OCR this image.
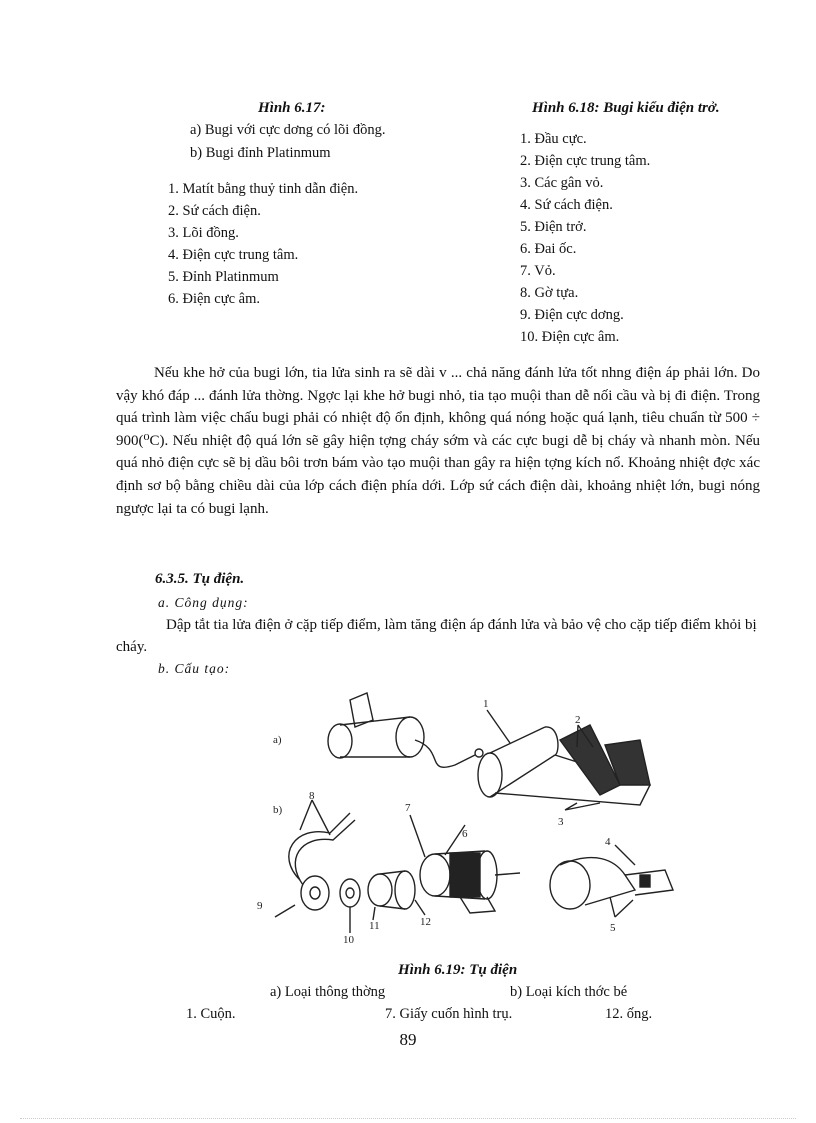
Hình 6.17:
a) Bugi với cực dơng có lõi đồng.
b) Bugi đỉnh Platinmum
1. Matít bằng thuỷ tinh dẫn điện.
2. Sứ cách điện.
3. Lõi đồng.
4. Điện cực trung tâm.
5. Đỉnh Platinmum
6. Điện cực âm.
Hình 6.18: Bugi kiểu điện trở.
1. Đầu cực.
2. Điện cực trung tâm.
3. Các gân vỏ.
4. Sứ cách điện.
5. Điện trở.
6. Đai ốc.
7. Vỏ.
8. Gờ tựa.
9. Điện cực dơng.
10. Điện cực âm.

Nếu khe hở của bugi lớn, tia lửa sinh ra sẽ dài v ... chả năng đánh lửa tốt nhng điện áp phải lớn. Do vậy khó đáp ... đánh lửa thờng. Ngợc lại khe hở bugi nhỏ, tia tạo muội than dễ nối cầu và bị đi điện. Trong quá trình làm việc chấu bugi phải có nhiệt độ ổn định, không quá nóng hoặc quá lạnh, tiêu chuẩn từ 500 ÷ 900(⁰C). Nếu nhiệt độ quá lớn sẽ gây hiện tợng cháy sớm và các cực bugi dễ bị cháy và nhanh mòn. Nếu quá nhỏ điện cực sẽ bị dầu bôi trơn bám vào tạo muội than gây ra hiện tợng kích nổ. Khoảng nhiệt đợc xác định sơ bộ bằng chiều dài của lớp cách điện phía dới. Lớp sứ cách điện dài, khoảng nhiệt lớn, bugi nóng ngược lại ta có bugi lạnh.

6.3.5. Tụ điện.
a. Công dụng:
Dập tắt tia lửa điện ở cặp tiếp điểm, làm tăng điện áp đánh lửa và bảo vệ cho cặp tiếp điểm khỏi bị cháy.
b. Cấu tạo:
a)
b)
1
2
3
4
5
6
7
8
9
10
11	12
Hình 6.19: Tụ điện
a) Loại thông thờng	b) Loại kích thớc bé
1. Cuộn.	7. Giấy cuốn hình trụ.	12. ống.
89
